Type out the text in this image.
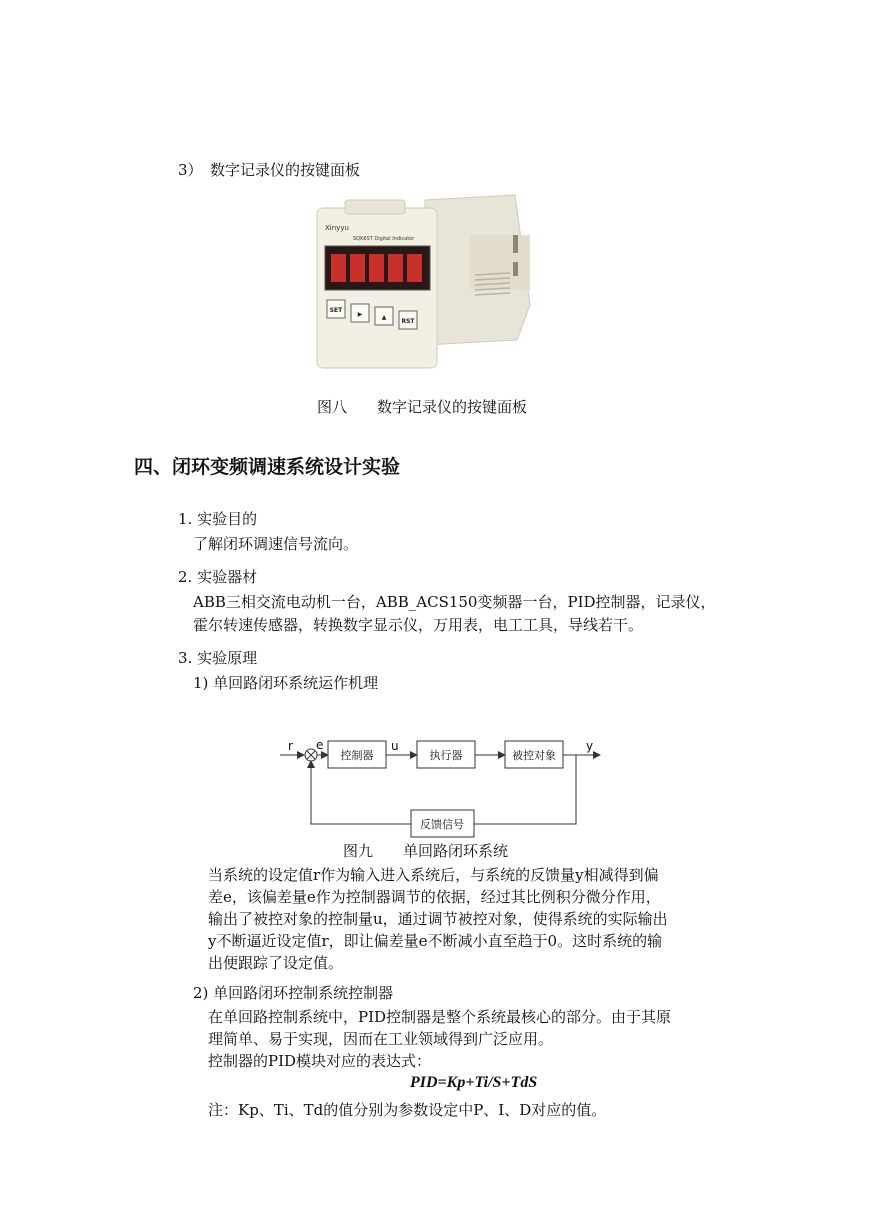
3）　数字记录仪的按键面板
Xinyyu
SQK6ST Digital Indicator
SET
▶	▲
RST
图八　　数字记录仪的按键面板
四、闭环变频调速系统设计实验
1. 实验目的
了解闭环调速信号流向。
2. 实验器材
ABB三相交流电动机一台，ABB_ACS150变频器一台，PID控制器，记录仪，
霍尔转速传感器，转换数字显示仪，万用表，电工工具，导线若干。
3. 实验原理
1) 单回路闭环系统运作机理
控制器	执行器	被控对象
反馈信号
r e	u	y
图九　　单回路闭环系统

当系统的设定值r作为输入进入系统后，与系统的反馈量y相减得到偏

差e，该偏差量e作为控制器调节的依据，经过其比例积分微分作用，

输出了被控对象的控制量u，通过调节被控对象，使得系统的实际输出

y不断逼近设定值r，即让偏差量e不断减小直至趋于0。这时系统的输

出便跟踪了设定值。

2) 单回路闭环控制系统控制器

在单回路控制系统中，PID控制器是整个系统最核心的部分。由于其原

理简单、易于实现，因而在工业领域得到广泛应用。

控制器的PID模块对应的表达式：

PID=Kp+Ti/S+TdS
注：Kp、Ti、Td的值分别为参数设定中P、I、D对应的值。
